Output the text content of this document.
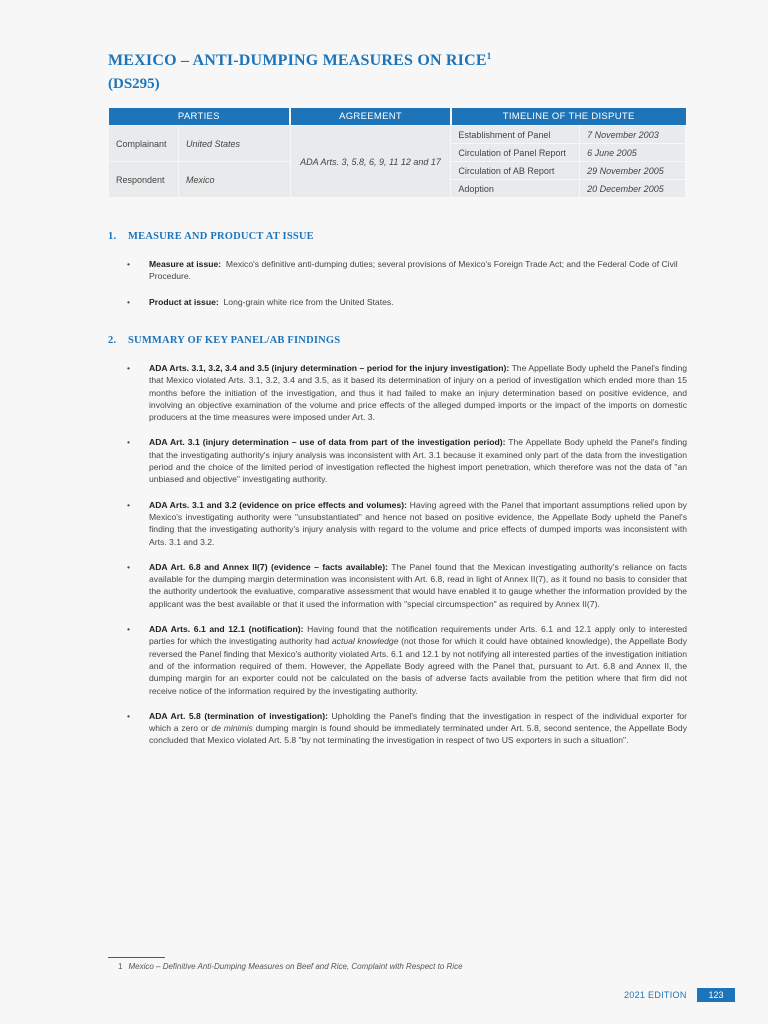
MEXICO – ANTI-DUMPING MEASURES ON RICE$^1$
(DS295)
PARTIES		AGREEMENT	TIMELINE OF THE DISPUTE	
Complainant	United States	ADA Arts. 3, 5.8, 6, 9, 11 12 and 17	Establishment of Panel	7 November 2003
			Circulation of Panel Report	6 June 2005
Respondent	Mexico		Circulation of AB Report	29 November 2005
			Adoption	20 December 2005
1. MEASURE AND PRODUCT AT ISSUE
• Measure at issue: Mexico's definitive anti-dumping duties; several provisions of Mexico's Foreign Trade Act; and the Federal Code of Civil Procedure.
• Product at issue: Long-grain white rice from the United States.
2. SUMMARY OF KEY PANEL/AB FINDINGS
• ADA Arts. 3.1, 3.2, 3.4 and 3.5 (injury determination – period for the injury investigation): The Appellate Body upheld the Panel's finding that Mexico violated Arts. 3.1, 3.2, 3.4 and 3.5, as it based its determination of injury on a period of investigation which ended more than 15 months before the initiation of the investigation, and thus it had failed to make an injury determination based on positive evidence, and involving an objective examination of the volume and price effects of the alleged dumped imports or the impact of the imports on domestic producers at the time measures were imposed under Art. 3.
• ADA Art. 3.1 (injury determination – use of data from part of the investigation period): The Appellate Body upheld the Panel's finding that the investigating authority's injury analysis was inconsistent with Art. 3.1 because it examined only part of the data from the investigation period and the choice of the limited period of investigation reflected the highest import penetration, which therefore was not the data of "an unbiased and objective" investigating authority.
• ADA Arts. 3.1 and 3.2 (evidence on price effects and volumes): Having agreed with the Panel that important assumptions relied upon by Mexico's investigating authority were "unsubstantiated" and hence not based on positive evidence, the Appellate Body upheld the Panel's finding that the investigating authority's injury analysis with regard to the volume and price effects of dumped imports was inconsistent with Arts. 3.1 and 3.2.
• ADA Art. 6.8 and Annex II(7) (evidence – facts available): The Panel found that the Mexican investigating authority's reliance on facts available for the dumping margin determination was inconsistent with Art. 6.8, read in light of Annex II(7), as it found no basis to consider that the authority undertook the evaluative, comparative assessment that would have enabled it to gauge whether the information provided by the applicant was the best available or that it used the information with "special circumspection" as required by Annex II(7).
• ADA Arts. 6.1 and 12.1 (notification): Having found that the notification requirements under Arts. 6.1 and 12.1 apply only to interested parties for which the investigating authority had actual knowledge (not those for which it could have obtained knowledge), the Appellate Body reversed the Panel finding that Mexico's authority violated Arts. 6.1 and 12.1 by not notifying all interested parties of the investigation initiation and of the information required of them. However, the Appellate Body agreed with the Panel that, pursuant to Art. 6.8 and Annex II, the dumping margin for an exporter could not be calculated on the basis of adverse facts available from the petition where that firm did not receive notice of the information required by the investigating authority.
• ADA Art. 5.8 (termination of investigation): Upholding the Panel's finding that the investigation in respect of the individual exporter for which a zero or de minimis dumping margin is found should be immediately terminated under Art. 5.8, second sentence, the Appellate Body concluded that Mexico violated Art. 5.8 "by not terminating the investigation in respect of two US exporters in such a situation".
1 Mexico – Definitive Anti-Dumping Measures on Beef and Rice, Complaint with Respect to Rice
2021 EDITION	123
